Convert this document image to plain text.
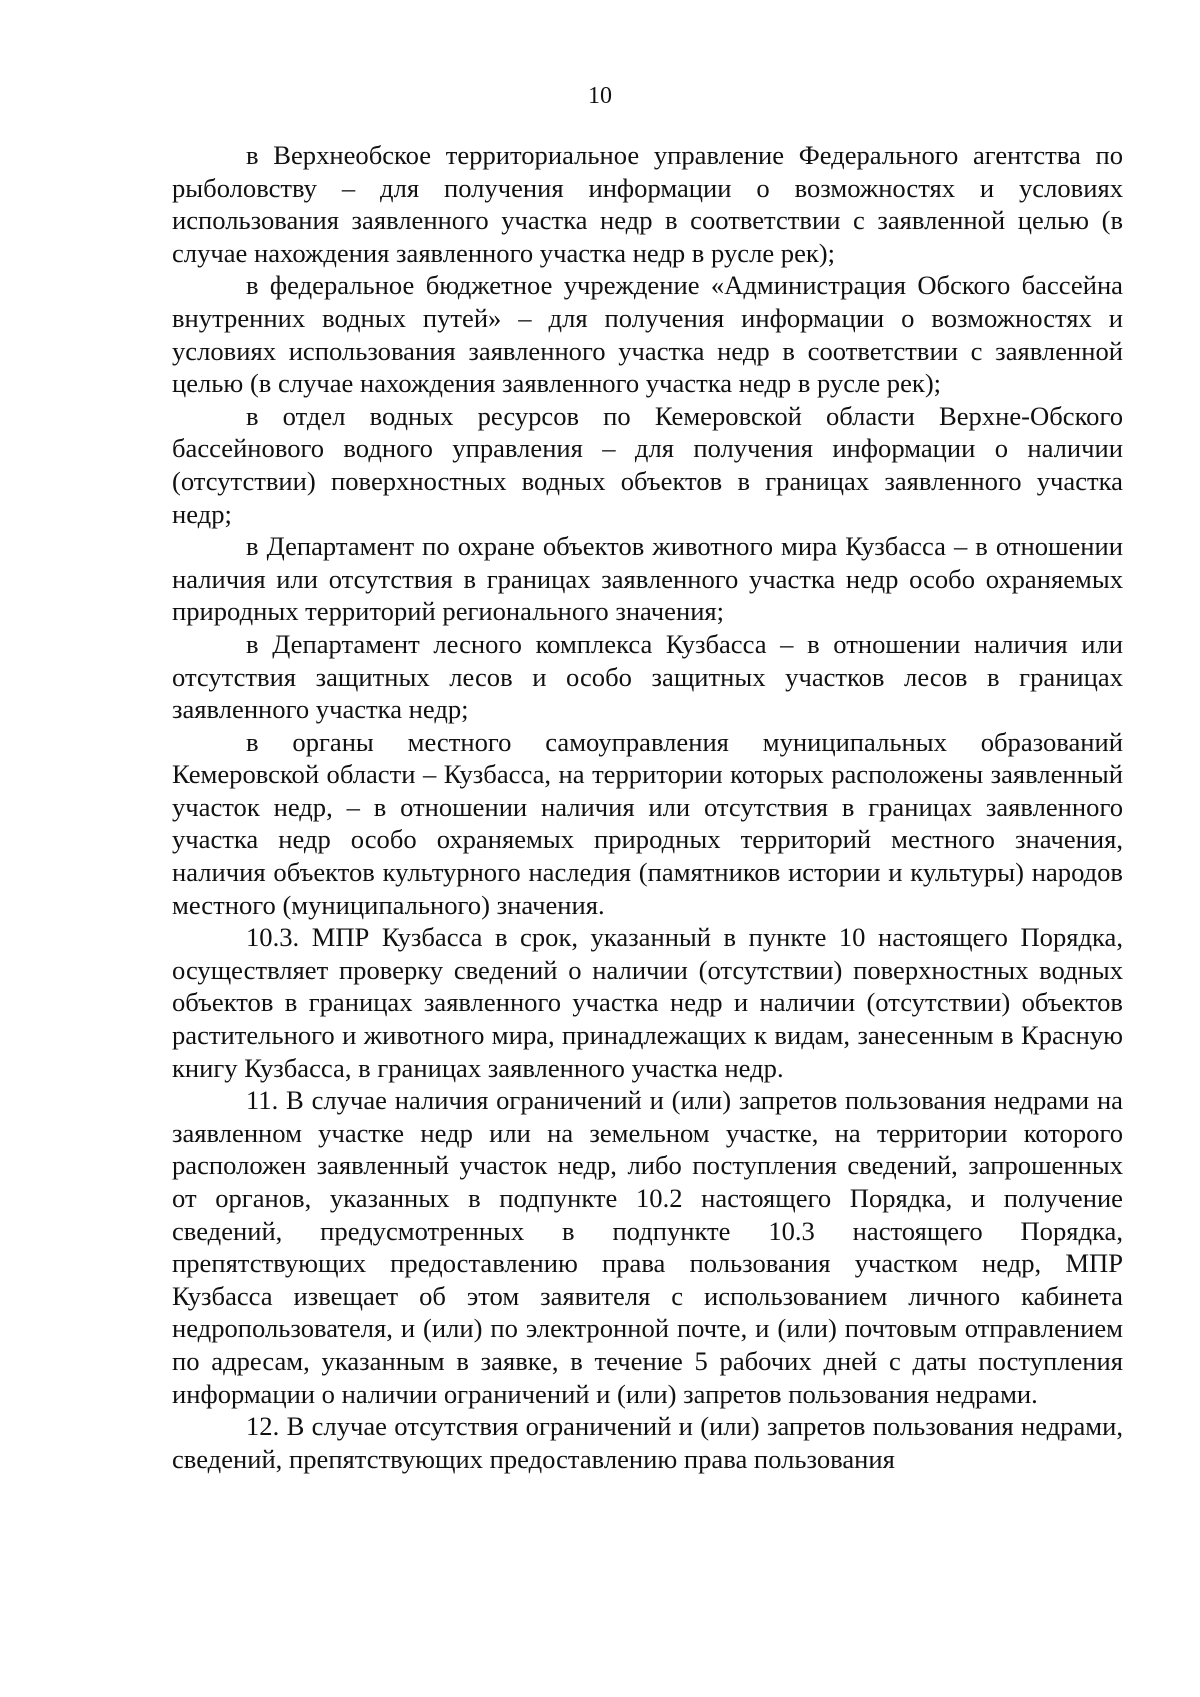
10

в Верхнеобское территориальное управление Федерального агентства по рыболовству – для получения информации о возможностях и условиях использования заявленного участка недр в соответствии с заявленной целью (в случае нахождения заявленного участка недр в русле рек);

в федеральное бюджетное учреждение «Администрация Обского бассейна внутренних водных путей» – для получения информации о возможностях и условиях использования заявленного участка недр в соответствии с заявленной целью (в случае нахождения заявленного участка недр в русле рек);

в отдел водных ресурсов по Кемеровской области Верхне-Обского бассейнового водного управления – для получения информации о наличии (отсутствии) поверхностных водных объектов в границах заявленного участка недр;

в Департамент по охране объектов животного мира Кузбасса – в отношении наличия или отсутствия в границах заявленного участка недр особо охраняемых природных территорий регионального значения;

в Департамент лесного комплекса Кузбасса – в отношении наличия или отсутствия защитных лесов и особо защитных участков лесов в границах заявленного участка недр;

в органы местного самоуправления муниципальных образований Кемеровской области – Кузбасса, на территории которых расположены заявленный участок недр, – в отношении наличия или отсутствия в границах заявленного участка недр особо охраняемых природных территорий местного значения, наличия объектов культурного наследия (памятников истории и культуры) народов местного (муниципального) значения.

10.3. МПР Кузбасса в срок, указанный в пункте 10 настоящего Порядка, осуществляет проверку сведений о наличии (отсутствии) поверхностных водных объектов в границах заявленного участка недр и наличии (отсутствии) объектов растительного и животного мира, принадлежащих к видам, занесенным в Красную книгу Кузбасса, в границах заявленного участка недр.

11. В случае наличия ограничений и (или) запретов пользования недрами на заявленном участке недр или на земельном участке, на территории которого расположен заявленный участок недр, либо поступления сведений, запрошенных от органов, указанных в подпункте 10.2 настоящего Порядка, и получение сведений, предусмотренных в подпункте 10.3 настоящего Порядка, препятствующих предоставлению права пользования участком недр, МПР Кузбасса извещает об этом заявителя с использованием личного кабинета недропользователя, и (или) по электронной почте, и (или) почтовым отправлением по адресам, указанным в заявке, в течение 5 рабочих дней с даты поступления информации о наличии ограничений и (или) запретов пользования недрами.

12. В случае отсутствия ограничений и (или) запретов пользования недрами, сведений, препятствующих предоставлению права пользования
